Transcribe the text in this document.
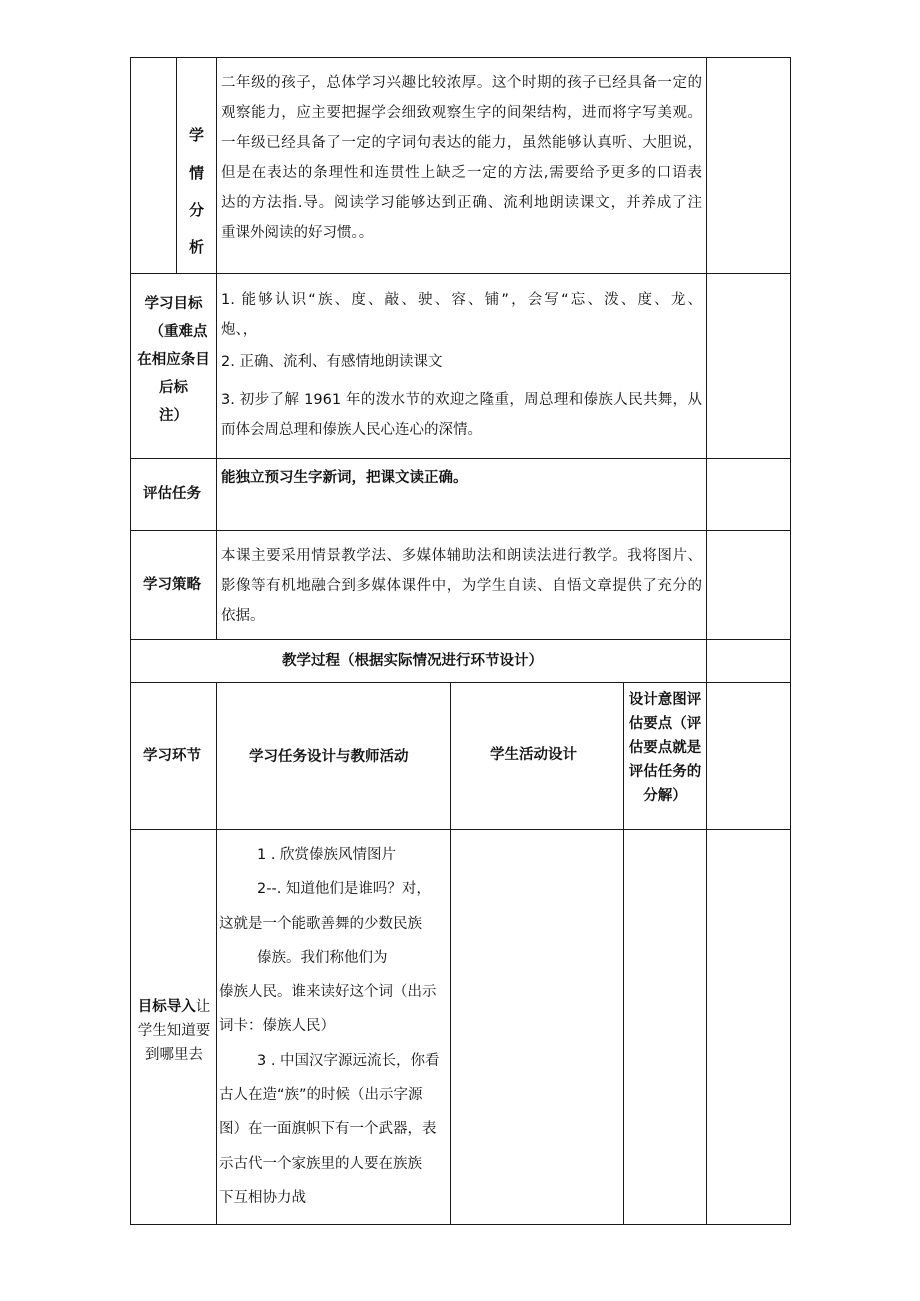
学
情
分
析
二年级的孩子，总体学习兴趣比较浓厚。这个时期的孩子已经具备一定的
观察能力，应主要把握学会细致观察生字的间架结构，进而将字写美观。
一年级已经具备了一定的字词句表达的能力，虽然能够认真听、大胆说，
但是在表达的条理性和连贯性上缺乏一定的方法,需要给予更多的口语表
达的方法指.导。阅读学习能够达到正确、流利地朗读课文，并养成了注
重课外阅读的好习惯。。
学习目标
（重难点
在相应条目
后标
注）
1. 能够认识“族、度、敲、驶、容、铺”，会写“忘、泼、度、龙、
炮、，
2. 正确、流利、有感情地朗读课文
3. 初步了解 1961 年的泼水节的欢迎之隆重，周总理和傣族人民共舞，从
而体会周总理和傣族人民心连心的深情。
评估任务
能独立预习生字新词，把课文读正确。
学习策略
本课主要采用情景教学法、多媒体辅助法和朗读法进行教学。我将图片、
影像等有机地融合到多媒体课件中，为学生自读、自悟文章提供了充分的
依据。
教学过程（根据实际情况进行环节设计）
学习环节	学习任务设计与教师活动	学生活动设计
设计意图评
估要点（评
估要点就是
评估任务的
分解）
目标导入让
学生知道要
到哪里去
1 . 欣赏傣族风情图片
2--. 知道他们是谁吗？对，
这就是一个能歌善舞的少数民族
傣族。我们称他们为
傣族人民。谁来读好这个词（出示
词卡：傣族人民）
3 . 中国汉字源远流长，你看
古人在造“族”的时候（出示字源
图）在一面旗帜下有一个武器，表
示古代一个家族里的人要在族族
下互相协力战
